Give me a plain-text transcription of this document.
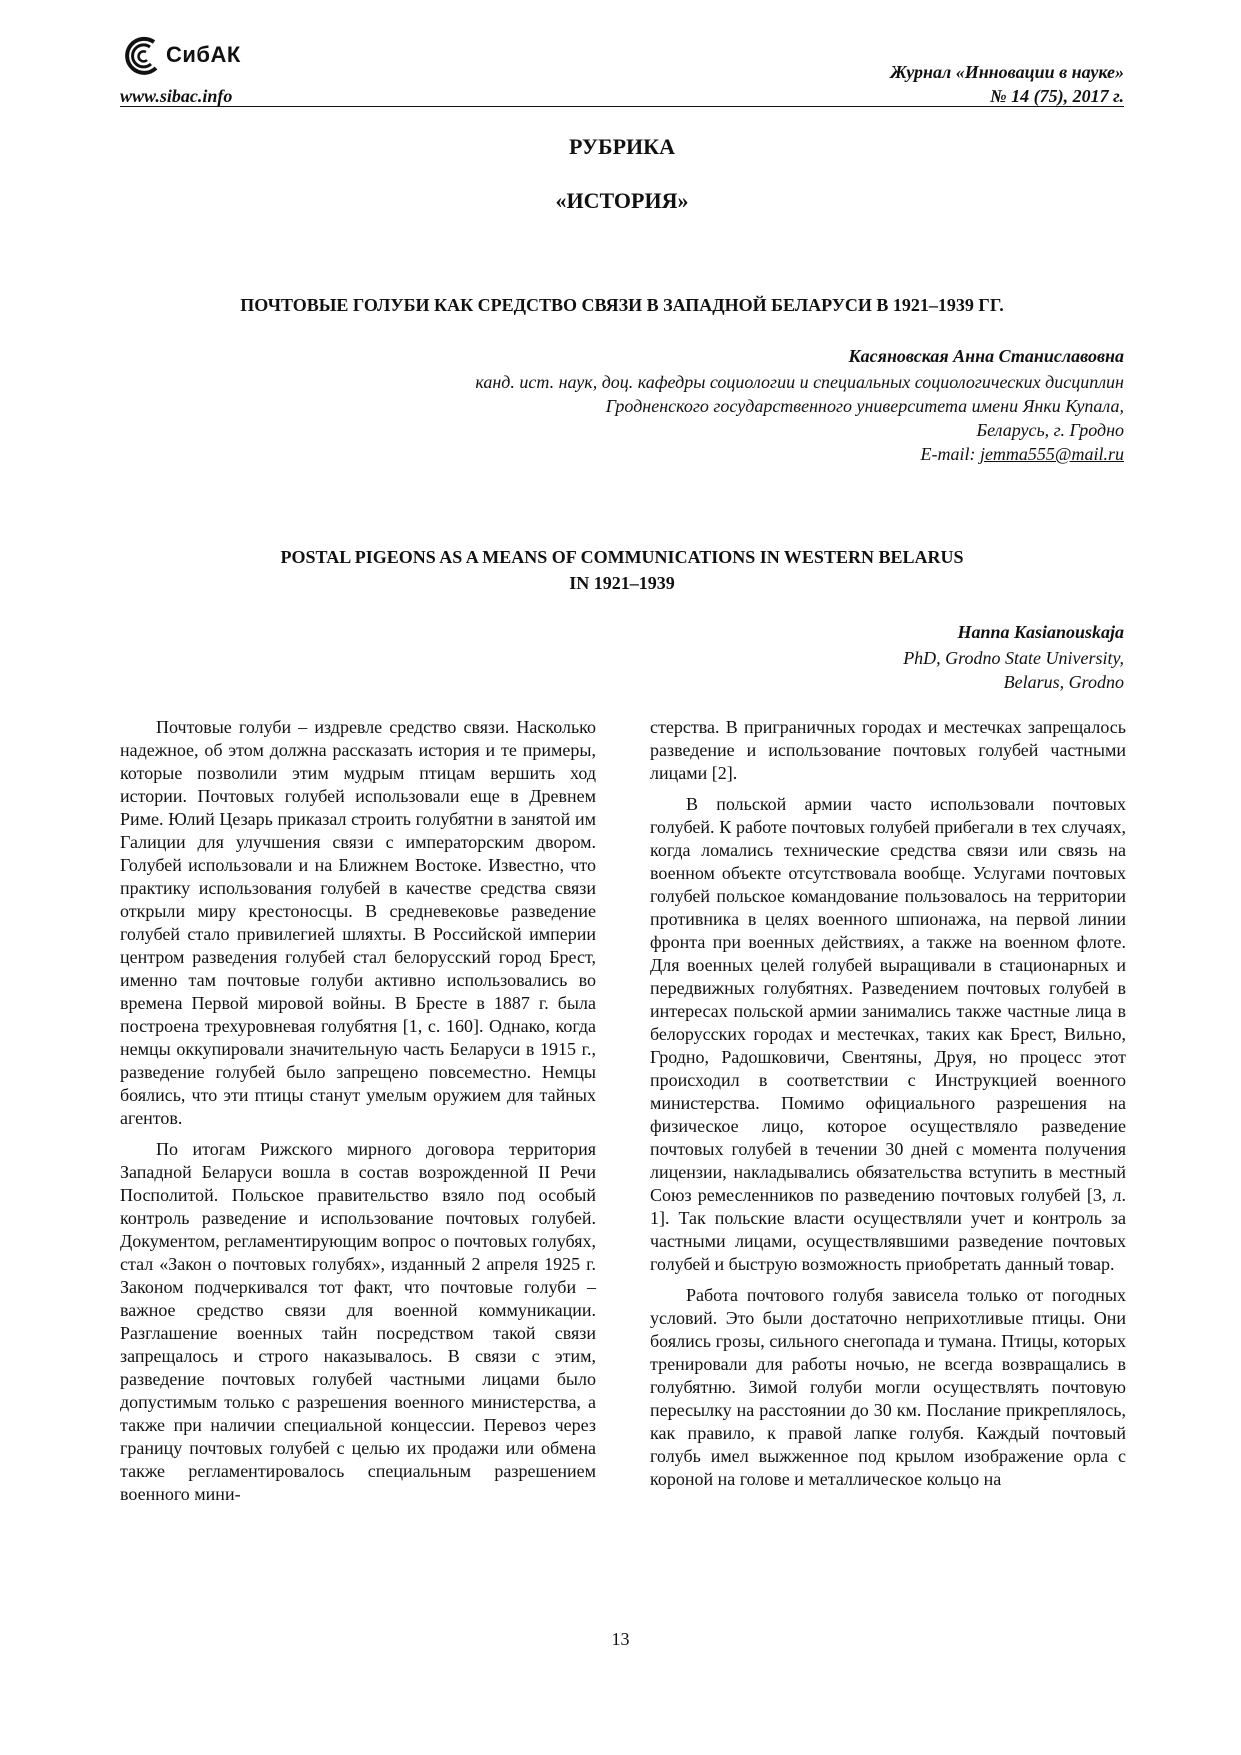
СибАК
www.sibac.info
Журнал «Инновации в науке»
№ 14 (75), 2017 г.
РУБРИКА
«ИСТОРИЯ»
ПОЧТОВЫЕ ГОЛУБИ КАК СРЕДСТВО СВЯЗИ В ЗАПАДНОЙ БЕЛАРУСИ В 1921–1939 ГГ.
Касяновская Анна Станиславовна
канд. ист. наук, доц. кафедры социологии и специальных социологических дисциплин
Гродненского государственного университета имени Янки Купала,
Беларусь, г. Гродно
E-mail: jemma555@mail.ru
POSTAL PIGEONS AS A MEANS OF COMMUNICATIONS IN WESTERN BELARUS
IN 1921–1939
Hanna Kasianouskaja
PhD, Grodno State University,
Belarus, Grodno

Почтовые голуби – издревле средство связи. Насколько надежное, об этом должна рассказать история и те примеры, которые позволили этим мудрым птицам вершить ход истории. Почтовых голубей использовали еще в Древнем Риме. Юлий Цезарь приказал строить голубятни в занятой им Галиции для улучшения связи с императорским двором. Голубей использовали и на Ближнем Востоке. Известно, что практику использования голубей в качестве средства связи открыли миру крестоносцы. В средневековье разведение голубей стало привилегией шляхты. В Российской империи центром разведения голубей стал белорусский город Брест, именно там почтовые голуби активно использовались во времена Первой мировой войны. В Бресте в 1887 г. была построена трехуровневая голубятня [1, с. 160]. Однако, когда немцы оккупировали значительную часть Беларуси в 1915 г., разведение голубей было запрещено повсеместно. Немцы боялись, что эти птицы станут умелым оружием для тайных агентов.

По итогам Рижского мирного договора территория Западной Беларуси вошла в состав возрожденной II Речи Посполитой. Польское правительство взяло под особый контроль разведение и использование почтовых голубей. Документом, регламентирующим вопрос о почтовых голубях, стал «Закон о почтовых голубях», изданный 2 апреля 1925 г. Законом подчеркивался тот факт, что почтовые голуби – важное средство связи для военной коммуникации. Разглашение военных тайн посредством такой связи запрещалось и строго наказывалось. В связи с этим, разведение почтовых голубей частными лицами было допустимым только с разрешения военного министерства, а также при наличии специальной концессии. Перевоз через границу почтовых голубей с целью их продажи или обмена также регламентировалось специальным разрешением военного мини-

стерства. В приграничных городах и местечках запрещалось разведение и использование почтовых голубей частными лицами [2].

В польской армии часто использовали почтовых голубей. К работе почтовых голубей прибегали в тех случаях, когда ломались технические средства связи или связь на военном объекте отсутствовала вообще. Услугами почтовых голубей польское командование пользовалось на территории противника в целях военного шпионажа, на первой линии фронта при военных действиях, а также на военном флоте. Для военных целей голубей выращивали в стационарных и передвижных голубятнях. Разведением почтовых голубей в интересах польской армии занимались также частные лица в белорусских городах и местечках, таких как Брест, Вильно, Гродно, Радошковичи, Свентяны, Друя, но процесс этот происходил в соответствии с Инструкцией военного министерства. Помимо официального разрешения на физическое лицо, которое осуществляло разведение почтовых голубей в течении 30 дней с момента получения лицензии, накладывались обязательства вступить в местный Союз ремесленников по разведению почтовых голубей [3, л. 1]. Так польские власти осуществляли учет и контроль за частными лицами, осуществлявшими разведение почтовых голубей и быструю возможность приобретать данный товар.

Работа почтового голубя зависела только от погодных условий. Это были достаточно неприхотливые птицы. Они боялись грозы, сильного снегопада и тумана. Птицы, которых тренировали для работы ночью, не всегда возвращались в голубятню. Зимой голуби могли осуществлять почтовую пересылку на расстоянии до 30 км. Послание прикреплялось, как правило, к правой лапке голубя. Каждый почтовый голубь имел выжженное под крылом изображение орла с короной на голове и металлическое кольцо на

13
